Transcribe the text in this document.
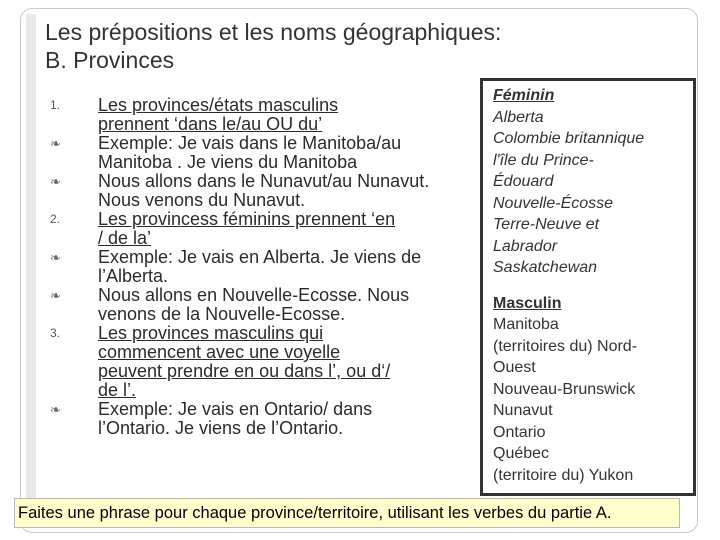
Les prépositions et les noms géographiques:
B. Provinces
1.	Les provinces/états masculins
prennent ‘dans le/au OU du’
❧	Exemple: Je vais dans le Manitoba/au
Manitoba . Je viens du Manitoba
❧	Nous allons dans le Nunavut/au Nunavut.
Nous venons du Nunavut.
2.	Les provincess féminins prennent ‘en
/ de la’
❧	Exemple: Je vais en Alberta. Je viens de
l’Alberta.
❧	Nous allons en Nouvelle-Ecosse. Nous
venons de la Nouvelle-Ecosse.
3.	Les provinces masculins qui
commencent avec une voyelle
peuvent prendre en ou dans l’, ou d‘/
de l’.
❧	Exemple: Je vais en Ontario/ dans
l’Ontario. Je viens de l’Ontario.
Féminin
Alberta
Colombie britannique
l'île du Prince-
Édouard
Nouvelle-Écosse
Terre-Neuve et
Labrador
Saskatchewan
Masculin
Manitoba
(territoires du) Nord-
Ouest
Nouveau-Brunswick
Nunavut
Ontario
Québec
(territoire du) Yukon
Faites une phrase pour chaque province/territoire, utilisant les verbes du partie A.
